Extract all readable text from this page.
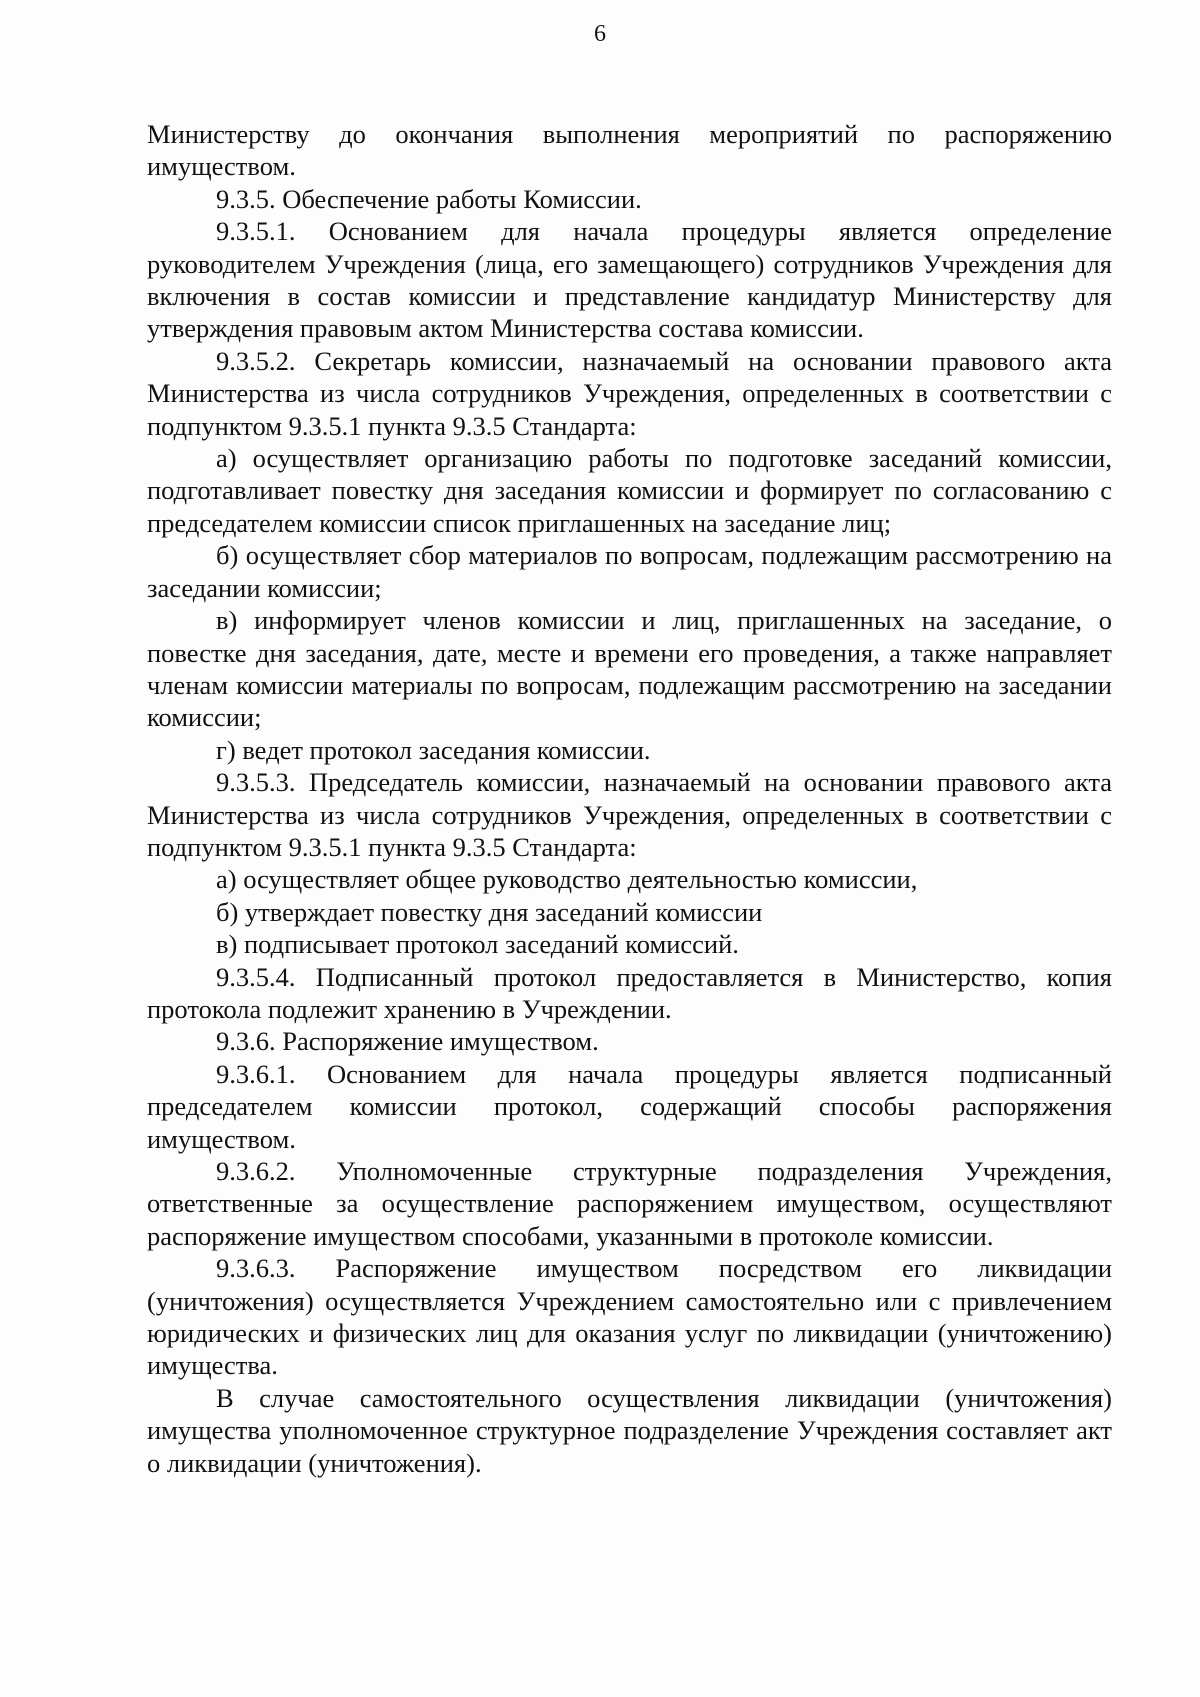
6

Министерству до окончания выполнения мероприятий по распоряжению имуществом.

9.3.5. Обеспечение работы Комиссии.

9.3.5.1. Основанием для начала процедуры является определение руководителем Учреждения (лица, его замещающего) сотрудников Учреждения для включения в состав комиссии и представление кандидатур Министерству для утверждения правовым актом Министерства состава комиссии.

9.3.5.2. Секретарь комиссии, назначаемый на основании правового акта Министерства из числа сотрудников Учреждения, определенных в соответствии с подпунктом 9.3.5.1 пункта 9.3.5 Стандарта:

а) осуществляет организацию работы по подготовке заседаний комиссии, подготавливает повестку дня заседания комиссии и формирует по согласованию с председателем комиссии список приглашенных на заседание лиц;

б) осуществляет сбор материалов по вопросам, подлежащим рассмотрению на заседании комиссии;

в) информирует членов комиссии и лиц, приглашенных на заседание, о повестке дня заседания, дате, месте и времени его проведения, а также направляет членам комиссии материалы по вопросам, подлежащим рассмотрению на заседании комиссии;

г) ведет протокол заседания комиссии.

9.3.5.3. Председатель комиссии, назначаемый на основании правового акта Министерства из числа сотрудников Учреждения, определенных в соответствии с подпунктом 9.3.5.1 пункта 9.3.5 Стандарта:

а) осуществляет общее руководство деятельностью комиссии,

б) утверждает повестку дня заседаний комиссии

в) подписывает протокол заседаний комиссий.

9.3.5.4. Подписанный протокол предоставляется в Министерство, копия протокола подлежит хранению в Учреждении.

9.3.6. Распоряжение имуществом.

9.3.6.1. Основанием для начала процедуры является подписанный председателем комиссии протокол, содержащий способы распоряжения имуществом.

9.3.6.2. Уполномоченные структурные подразделения Учреждения, ответственные за осуществление распоряжением имуществом, осуществляют распоряжение имуществом способами, указанными в протоколе комиссии.

9.3.6.3. Распоряжение имуществом посредством его ликвидации (уничтожения) осуществляется Учреждением самостоятельно или с привлечением юридических и физических лиц для оказания услуг по ликвидации (уничтожению) имущества.

В случае самостоятельного осуществления ликвидации (уничтожения) имущества уполномоченное структурное подразделение Учреждения составляет акт о ликвидации (уничтожения).
